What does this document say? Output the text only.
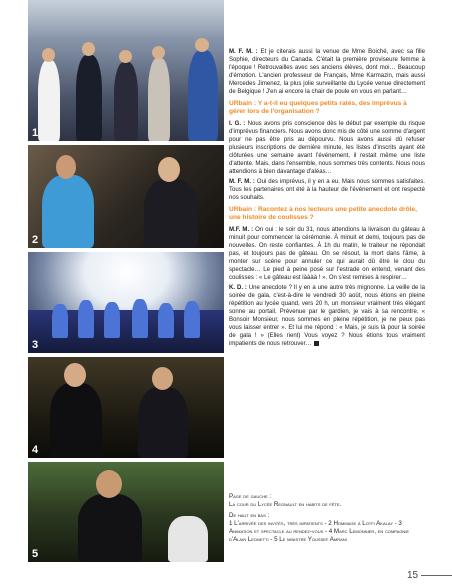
1
2
3
4
5

M. F. M. : Et je citerais aussi la venue de Mme Boiché, avec sa fille Sophie, directeurs du Canada. C'était la première proviseure femme à l'époque ! Retrouvailles avec ses anciens élèves, dont moi… Beaucoup d'émotion. L'ancien professeur de Français, Mme Karmazin, mais aussi Mercedes Jimenez, la plus jolie surveillante du Lycée venue directement de Belgique ! J'en ai encore la chair de poule en vous en parlant…

URbain : Y a-t-il eu quelques petits ratés, des imprévus à gérer lors de l'organisation ?

I. G. : Nous avons pris conscience dès le début par exemple du risque d'imprévus financiers. Nous avons donc mis de côté une somme d'argent pour ne pas être pris au dépourvu. Nous avons aussi dû refuser plusieurs inscriptions de dernière minute, les listes d'inscrits ayant été clôturées une semaine avant l'événement, il restait même une liste d'attente. Mais, dans l'ensemble, nous sommes très contents. Nous nous attendions à bien davantage d'aléas…

M. F. M. : Oui des imprévus, il y en a eu. Mais nous sommes satisfaites. Tous les partenaires ont été à la hauteur de l'événement et ont respecté nos souhaits.

URbain : Racontez à nos lecteurs une petite anecdote drôle, une histoire de coulisses ?

M.F. M. : On oui : le soir du 31, nous attendions la livraison du gâteau à minuit pour commencer la cérémonie. À minuit et demi, toujours pas de nouvelles. On reste confiantes. À 1h du matin, le traiteur ne répondait pas, et toujours pas de gâteau. On se résout, la mort dans l'âme, à monter sur scène pour annuler ce qui aurait dû être le clou du spectacle… Le pied à peine posé sur l'estrade on entend, venant des coulisses : « Le gâteau est làààà ! ». On s'est remises à respirer…

K. D. : Une anecdote ? Il y en a une autre très mignonne. La veille de la soirée de gala, c'est-à-dire le vendredi 30 août, nous étions en pleine répétition au lycée quand, vers 20 h, un monsieur vraiment très élégant sonne au portail. Prévenue par le gardien, je vais à sa rencontre. « Bonsoir Monsieur, nous sommes en pleine répétition, je ne peux pas vous laisser entrer ». Et lui me répond : « Mais, je suis là pour la soirée de gala ! » (Elles rient) Vous voyez ? Nous étions tous vraiment impatients de nous retrouver…

Page de gauche :
La cour du Lycée Regnault en habits de fête.
De haut en bas :
1 L'arrivée des invités, très impatients - 2 Hommage à Lotfi Akalay - 3 Animation et spectacle au rendez-vous - 4 Marc Lemonnier, en compagnie d'Alain Leonetti - 5 Le ministre Youssef Amrani
15
